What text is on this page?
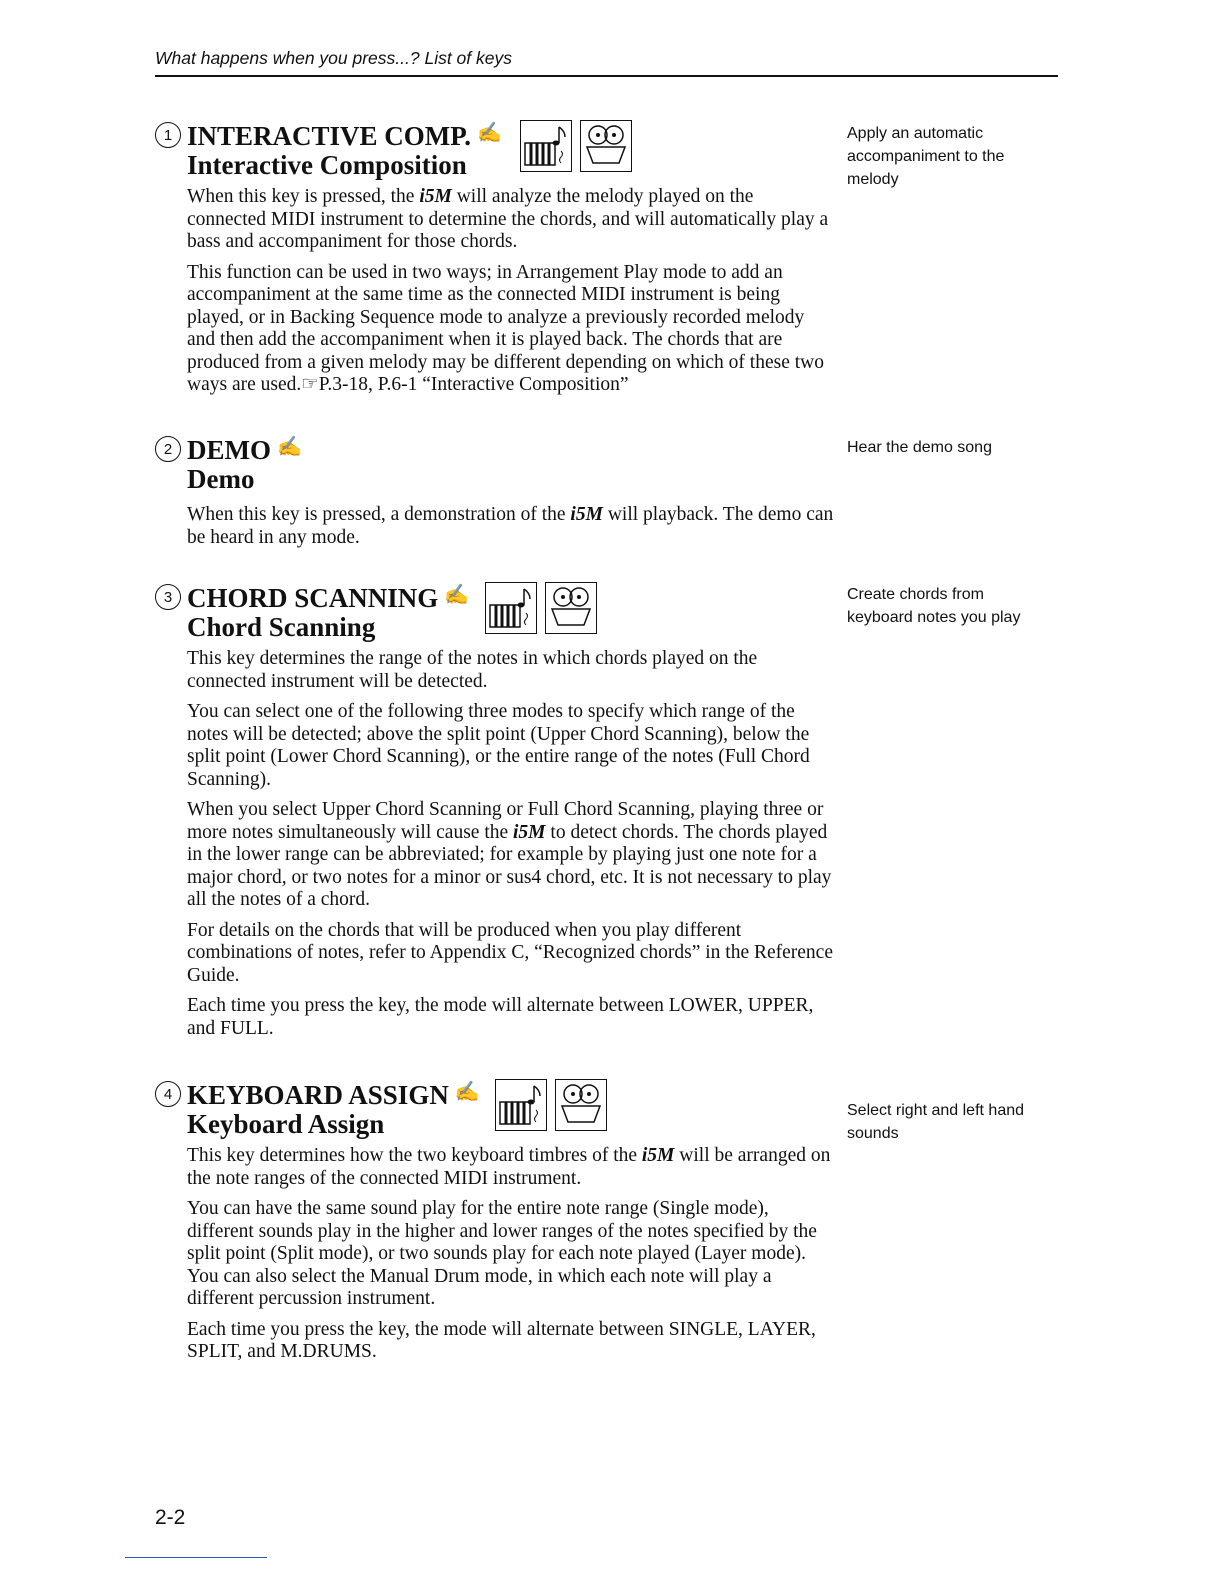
What happens when you press...? List of keys
1 INTERACTIVE COMP. ✍
Interactive Composition

When this key is pressed, the i5M will analyze the melody played on the connected MIDI instrument to determine the chords, and will automatically play a bass and accompaniment for those chords.

This function can be used in two ways; in Arrangement Play mode to add an accompaniment at the same time as the connected MIDI instrument is being played, or in Backing Sequence mode to analyze a previously recorded melody and then add the accompaniment when it is played back. The chords that are produced from a given melody may be different depending on which of these two ways are used.☞P.3-18, P.6-1 “Interactive Composition”

Apply an automatic accompaniment to the melody
2 DEMO ✍
Demo

When this key is pressed, a demonstration of the i5M will playback. The demo can be heard in any mode.

Hear the demo song
3 CHORD SCANNING ✍
Chord Scanning

This key determines the range of the notes in which chords played on the connected instrument will be detected.

You can select one of the following three modes to specify which range of the notes will be detected; above the split point (Upper Chord Scanning), below the split point (Lower Chord Scanning), or the entire range of the notes (Full Chord Scanning).

When you select Upper Chord Scanning or Full Chord Scanning, playing three or more notes simultaneously will cause the i5M to detect chords. The chords played in the lower range can be abbreviated; for example by playing just one note for a major chord, or two notes for a minor or sus4 chord, etc. It is not necessary to play all the notes of a chord.

For details on the chords that will be produced when you play different combinations of notes, refer to Appendix C, “Recognized chords” in the Reference Guide.

Each time you press the key, the mode will alternate between LOWER, UPPER, and FULL.

Create chords from keyboard notes you play
4 KEYBOARD ASSIGN ✍
Keyboard Assign

This key determines how the two keyboard timbres of the i5M will be arranged on the note ranges of the connected MIDI instrument.

You can have the same sound play for the entire note range (Single mode), different sounds play in the higher and lower ranges of the notes specified by the split point (Split mode), or two sounds play for each note played (Layer mode). You can also select the Manual Drum mode, in which each note will play a different percussion instrument.

Each time you press the key, the mode will alternate between SINGLE, LAYER, SPLIT, and M.DRUMS.

Select right and left hand sounds
2-2
